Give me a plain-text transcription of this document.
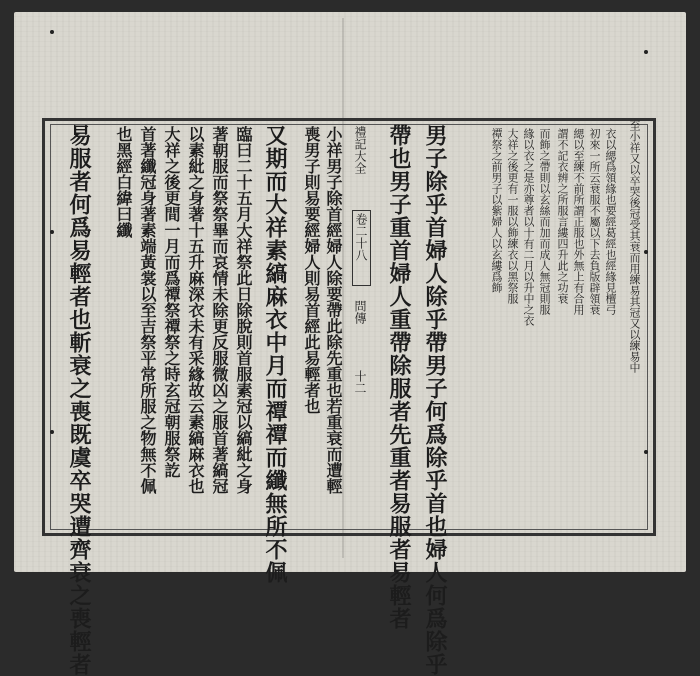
至小祥又以卒哭後冠受其衰而用練易其冠又以練易中
衣以緦爲領緣也要經葛經也經緣見檀弓
初來一所云衰服不屬以下去負版辟領衰
緦以至練不前所謂正服也外無上有合用
謂不記衣辨之所服言縷四升此之功衰
而飾之帶則以玄絲而加而成人無冠則服
緣以衣之是亦尊者以十有二月以升中之衣
大祥之後更有一服以飾練衣以黑祭服
禫祭之前男子以紫婦人以玄縷爲飾
男子除乎首婦人除乎帶男子何爲除乎首也婦人何爲除乎
帶也男子重首婦人重帶除服者先重者易服者易輕者
禮記大全
卷二十八
問傳
十二
小祥男子除首經婦人除要帶此除先重也若重衰而遭輕
喪男子則易要經婦人則易首經此易輕者也
又期而大祥素縞麻衣中月而禫禫而纖無所不佩
臨曰二十五月大祥祭此日除脫則首服素冠以縞紕之身
著朝服而祭祭畢而哀情未除更反服微凶之服首著縞冠
以素紕之身著十五升麻深衣未有采緣故云素縞麻衣也
大祥之後更間一月而爲禫祭禫祭之時玄冠朝服祭訖
首著纖冠身著素端黃裳以至吉祭平常所服之物無不佩
也黑經白緯曰纖
易服者何爲易輕者也斬衰之喪既虞卒哭遭齊衰之喪輕者
